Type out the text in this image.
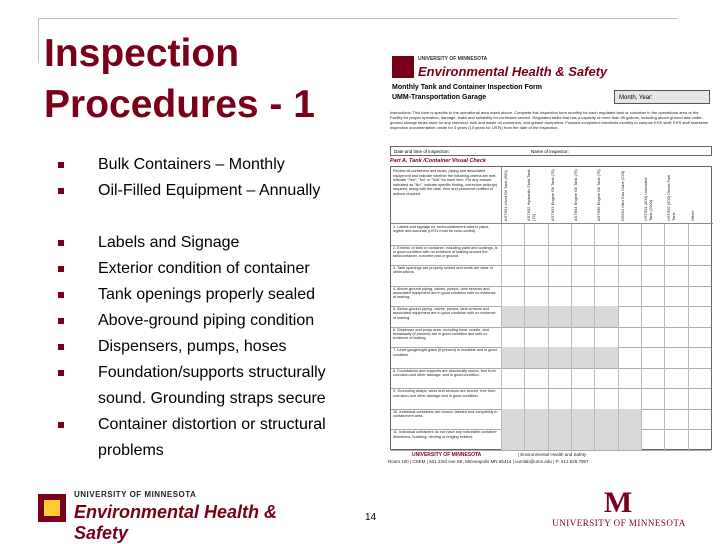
Inspection Procedures - 1
Bulk Containers – Monthly
Oil-Filled Equipment – Annually
Labels and Signage
Exterior condition of container
Tank openings properly sealed
Above-ground piping condition
Dispensers, pumps, hoses
Foundation/supports structurally sound. Grounding straps secure
Container distortion or structural problems
UNIVERSITY OF MINNESOTA
Environmental Health & Safety
Monthly Tank and Container Inspection Form
UMM-Transportation Garage	Month, Year:
Instructions: This form is specific to the operational area noted above. Complete this inspection form monthly for each regulated tank or container in the operational area or the Facility for proper operation, damage, leaks and suitability for continued service. Regulated tanks that has a capacity of more than 55 gallons, including above-ground and under-ground storage tanks used for any chemical, bulk and waste oil containers, and grease dumpsters. Forward completed checklists monthly to campus EHS staff; EHS staff maintains inspection documentation onsite for 3 years (10 years for USTs) from the date of the inspection.
Date and time of inspection:	Name of inspector:
Part A. Tank /Container Visual Check
Review all containers and tanks, piping and associated equipment and indicate whether the following criteria are met. Indicate "Yes", "No" or "N/A" for each item. For any answer indicated as "No", indicate specific finding, corrective action(s) required, along with the date, time and personnel notified of actions required.	AST601 Used Oil Tank (500)	AST602 Hydraulic Fluid Tank (75)	AST603 Engine Oil Tank (75)	AST604 Engine Oil Tank (75)	AST605 Engine Oil Tank (75)	DS601 Mini Gas Cube (220)	UST601 (500) Unleaded Tank (2000)	UST602 (500) Diesel Fuel Tank	Other:
1. Labels and signage for tank/containment area in place, legible and accurate (USTs must be color-coded).
2. Exterior of tank or container, including paint and coatings, is in good condition with no evidence of leaking around the tank/container, concrete pad or ground.
3. Tank openings are properly sealed and vents are clear of obstructions.
4. Above-ground piping, valves, pumps, tank sensors and associated equipment are in good condition with no evidence of leaking.
5. Below-ground piping, valves, pumps, tank sensors and associated equipment are in good condition with no evidence of leaking.
6. Dispenser and pump area, including hose, nozzle, and breakaway (if present) are in good condition and with no evidence of leaking.
7. Level gauge/sight glass (if present) is readable and in good condition.
8. Foundations and supports are structurally sound, free from corrosion and other damage, and in good condition.
9. Grounding straps, wires and sensors are secure, free from corrosion and other damage and in good condition.
10. Individual containers are closed, labeled and completely in containment area.
11. Individual containers do not have any noticeable container distortions, buckling, denting or bulging evident.
UNIVERSITY OF MINNESOTA	| Environmental Health and Safety
Room 100 | CSEM | 501 23rd Ave SE, Minneapolis MN 55414 | uumlab@umn.edu | P: 612.626.7957
UNIVERSITY OF MINNESOTA
Environmental Health & Safety
14	M
UNIVERSITY OF MINNESOTA
